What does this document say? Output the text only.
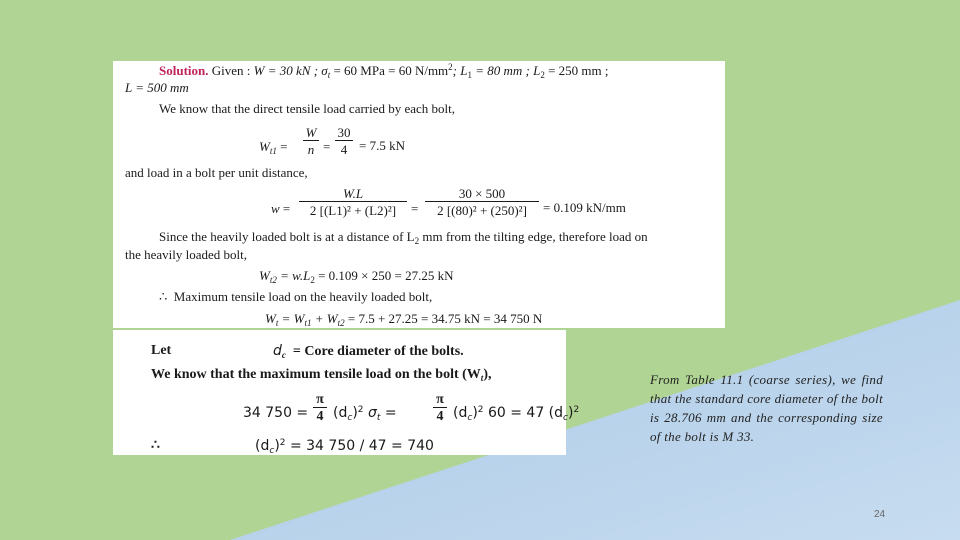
Solution. Given : W = 30 kN ; $\sigma_t = 60$ MPa = 60 $N/mm^2$; $L_1 = 80$ mm ; $L_2 = 250$ mm ;
L = 500 mm
We know that the direct tensile load carried by each bolt,
$W_{t1} = \frac{W}{n} = \frac{30}{4} = 7.5$ kN
and load in a bolt per unit distance,
$w = \frac{W.L}{\text{2 [(L1)² + (L2)²]}} = \frac{30 \times 500}{\text{2 [(80)² + (250)²]}} = 0.109$ kN/mm
Since the heavily loaded bolt is at a distance of $L_2$ mm from the tilting edge, therefore load on
the heavily loaded bolt,
$W_{t2} = w.L_2 = 0.109 \times 250 = 27.25$ kN
∴ Maximum tensile load on the heavily loaded bolt,
$W_t = W_{t1} + W_{t2} = 7.5 + 27.25 = 34.75$ kN = 34 750 N
Let	$d_c$ = Core diameter of the bolts.
We know that the maximum tensile load on the bolt $(W_t)$,
34 $750 = \frac{\pi}{4} (d_c)^2$ $\sigma_t$ =	$\frac{\pi}{4} (d_c)^2$ 60 = 47 $(d_c)^2$
∴	$(d_c)^2 = 34$ 750 / 47 = 740
From Table 11.1 (coarse series), we find that the standard core diameter of the bolt is 28.706 mm and the corresponding size of the bolt is M 33.
24
